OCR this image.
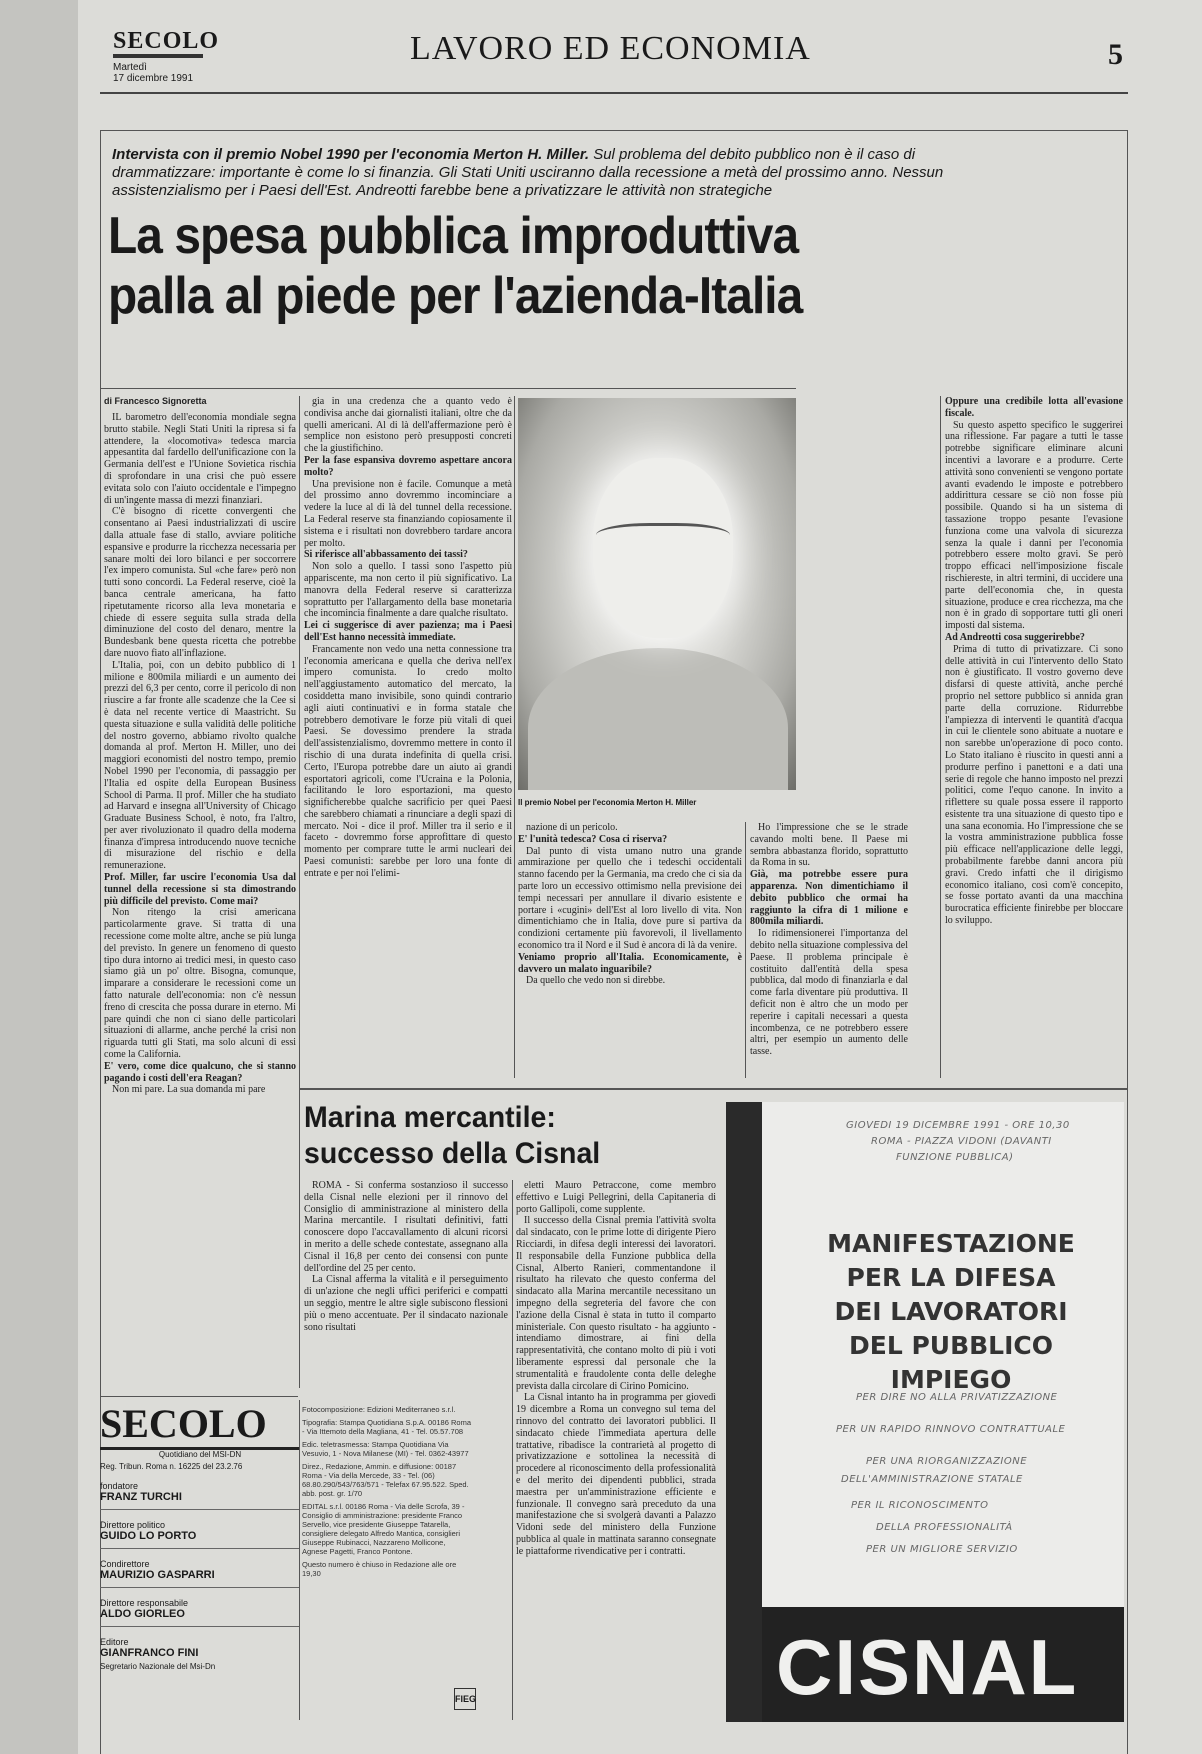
SECOLO
Martedì
17 dicembre 1991
LAVORO ED ECONOMIA	5
Intervista con il premio Nobel 1990 per l'economia Merton H. Miller. Sul problema del debito pubblico non è il caso di drammatizzare: importante è come lo si finanzia. Gli Stati Uniti usciranno dalla recessione a metà del prossimo anno. Nessun assistenzialismo per i Paesi dell'Est. Andreotti farebbe bene a privatizzare le attività non strategiche
La spesa pubblica improduttiva
palla al piede per l'azienda-Italia
di Francesco Signoretta

IL barometro dell'economia mondiale segna brutto stabile. Negli Stati Uniti la ripresa si fa attendere, la «locomotiva» tedesca marcia appesantita dal fardello dell'unificazione con la Germania dell'est e l'Unione Sovietica rischia di sprofondare in una crisi che può essere evitata solo con l'aiuto occidentale e l'impegno di un'ingente massa di mezzi finanziari.

C'è bisogno di ricette convergenti che consentano ai Paesi industrializzati di uscire dalla attuale fase di stallo, avviare politiche espansive e produrre la ricchezza necessaria per sanare molti dei loro bilanci e per soccorrere l'ex impero comunista. Sul «che fare» però non tutti sono concordi. La Federal reserve, cioè la banca centrale americana, ha fatto ripetutamente ricorso alla leva monetaria e chiede di essere seguita sulla strada della diminuzione del costo del denaro, mentre la Bundesbank bene questa ricetta che potrebbe dare nuovo fiato all'inflazione.

L'Italia, poi, con un debito pubblico di 1 milione e 800mila miliardi e un aumento dei prezzi del 6,3 per cento, corre il pericolo di non riuscire a far fronte alle scadenze che la Cee si è data nel recente vertice di Maastricht. Su questa situazione e sulla validità delle politiche del nostro governo, abbiamo rivolto qualche domanda al prof. Merton H. Miller, uno dei maggiori economisti del nostro tempo, premio Nobel 1990 per l'economia, di passaggio per l'Italia ed ospite della European Business School di Parma. Il prof. Miller che ha studiato ad Harvard e insegna all'University of Chicago Graduate Business School, è noto, fra l'altro, per aver rivoluzionato il quadro della moderna finanza d'impresa introducendo nuove tecniche di misurazione del rischio e della remunerazione.

Prof. Miller, far uscire l'economia Usa dal tunnel della recessione si sta dimostrando più difficile del previsto. Come mai?

Non ritengo la crisi americana particolarmente grave. Si tratta di una recessione come molte altre, anche se più lunga del previsto. In genere un fenomeno di questo tipo dura intorno ai tredici mesi, in questo caso siamo già un po' oltre. Bisogna, comunque, imparare a considerare le recessioni come un fatto naturale dell'economia: non c'è nessun freno di crescita che possa durare in eterno. Mi pare quindi che non ci siano delle particolari situazioni di allarme, anche perché la crisi non riguarda tutti gli Stati, ma solo alcuni di essi come la California.

E' vero, come dice qualcuno, che si stanno pagando i costi dell'era Reagan?

Non mi pare. La sua domanda mi pare

gia in una credenza che a quanto vedo è condivisa anche dai giornalisti italiani, oltre che da quelli americani. Al di là dell'affermazione però è semplice non esistono però presupposti concreti che la giustifichino.

Per la fase espansiva dovremo aspettare ancora molto?

Una previsione non è facile. Comunque a metà del prossimo anno dovremmo incominciare a vedere la luce al di là del tunnel della recessione. La Federal reserve sta finanziando copiosamente il sistema e i risultati non dovrebbero tardare ancora per molto.

Si riferisce all'abbassamento dei tassi?

Non solo a quello. I tassi sono l'aspetto più appariscente, ma non certo il più significativo. La manovra della Federal reserve si caratterizza soprattutto per l'allargamento della base monetaria che incomincia finalmente a dare qualche risultato.

Lei ci suggerisce di aver pazienza; ma i Paesi dell'Est hanno necessità immediate.

Francamente non vedo una netta connessione tra l'economia americana e quella che deriva nell'ex impero comunista. Io credo molto nell'aggiustamento automatico del mercato, la cosiddetta mano invisibile, sono quindi contrario agli aiuti continuativi e in forma statale che potrebbero demotivare le forze più vitali di quei Paesi. Se dovessimo prendere la strada dell'assistenzialismo, dovremmo mettere in conto il rischio di una durata indefinita di quella crisi. Certo, l'Europa potrebbe dare un aiuto ai grandi esportatori agricoli, come l'Ucraina e la Polonia, facilitando le loro esportazioni, ma questo significherebbe qualche sacrificio per quei Paesi che sarebbero chiamati a rinunciare a degli spazi di mercato. Noi - dice il prof. Miller tra il serio e il faceto - dovremmo forse approfittare di questo momento per comprare tutte le armi nucleari dei Paesi comunisti: sarebbe per loro una fonte di entrate e per noi l'elimi-

Il premio Nobel per l'economia Merton H. Miller

nazione di un pericolo.

E' l'unità tedesca? Cosa ci riserva?

Dal punto di vista umano nutro una grande ammirazione per quello che i tedeschi occidentali stanno facendo per la Germania, ma credo che ci sia da parte loro un eccessivo ottimismo nella previsione dei tempi necessari per annullare il divario esistente e portare i «cugini» dell'Est al loro livello di vita. Non dimentichiamo che in Italia, dove pure si partiva da condizioni certamente più favorevoli, il livellamento economico tra il Nord e il Sud è ancora di là da venire.

Veniamo proprio all'Italia. Economicamente, è davvero un malato inguaribile?

Da quello che vedo non si direbbe.

Ho l'impressione che se le strade cavando molti bene. Il Paese mi sembra abbastanza florido, soprattutto da Roma in su.

Già, ma potrebbe essere pura apparenza. Non dimentichiamo il debito pubblico che ormai ha raggiunto la cifra di 1 milione e 800mila miliardi.

Io ridimensionerei l'importanza del debito nella situazione complessiva del Paese. Il problema principale è costituito dall'entità della spesa pubblica, dal modo di finanziarla e dal come farla diventare più produttiva. Il deficit non è altro che un modo per reperire i capitali necessari a questa incombenza, ce ne potrebbero essere altri, per esempio un aumento delle tasse.

Oppure una credibile lotta all'evasione fiscale.

Su questo aspetto specifico le suggerirei una riflessione. Far pagare a tutti le tasse potrebbe significare eliminare alcuni incentivi a lavorare e a produrre. Certe attività sono convenienti se vengono portate avanti evadendo le imposte e potrebbero addirittura cessare se ciò non fosse più possibile. Quando si ha un sistema di tassazione troppo pesante l'evasione funziona come una valvola di sicurezza senza la quale i danni per l'economia potrebbero essere molto gravi. Se però troppo efficaci nell'imposizione fiscale rischiereste, in altri termini, di uccidere una parte dell'economia che, in questa situazione, produce e crea ricchezza, ma che non è in grado di sopportare tutti gli oneri imposti dal sistema.

Ad Andreotti cosa suggerirebbe?

Prima di tutto di privatizzare. Ci sono delle attività in cui l'intervento dello Stato non è giustificato. Il vostro governo deve disfarsi di queste attività, anche perché proprio nel settore pubblico si annida gran parte della corruzione. Ridurrebbe l'ampiezza di interventi le quantità d'acqua in cui le clientele sono abituate a nuotare e non sarebbe un'operazione di poco conto. Lo Stato italiano è riuscito in questi anni a produrre perfino i panettoni e a dati una serie di regole che hanno imposto nel prezzi politici, come l'equo canone. In invito a riflettere su quale possa essere il rapporto esistente tra una situazione di questo tipo e una sana economia. Ho l'impressione che se la vostra amministrazione pubblica fosse più efficace nell'applicazione delle leggi, probabilmente farebbe danni ancora più gravi. Credo infatti che il dirigismo economico italiano, così com'è concepito, se fosse portato avanti da una macchina burocratica efficiente finirebbe per bloccare lo sviluppo.

Marina mercantile:
successo della Cisnal

ROMA - Si conferma sostanzioso il successo della Cisnal nelle elezioni per il rinnovo del Consiglio di amministrazione al ministero della Marina mercantile. I risultati definitivi, fatti conoscere dopo l'accavallamento di alcuni ricorsi in merito a delle schede contestate, assegnano alla Cisnal il 16,8 per cento dei consensi con punte dell'ordine del 25 per cento.

La Cisnal afferma la vitalità e il perseguimento di un'azione che negli uffici periferici e compatti un seggio, mentre le altre sigle subiscono flessioni più o meno accentuate. Per il sindacato nazionale sono risultati

eletti Mauro Petraccone, come membro effettivo e Luigi Pellegrini, della Capitaneria di porto Gallipoli, come supplente.

Il successo della Cisnal premia l'attività svolta dal sindacato, con le prime lotte di dirigente Piero Ricciardi, in difesa degli interessi dei lavoratori. Il responsabile della Funzione pubblica della Cisnal, Alberto Ranieri, commentandone il risultato ha rilevato che questo conferma del sindacato alla Marina mercantile necessitano un impegno della segreteria del favore che con l'azione della Cisnal è stata in tutto il comparto ministeriale. Con questo risultato - ha aggiunto - intendiamo dimostrare, ai fini della rappresentatività, che contano molto di più i voti liberamente espressi dal personale che la strumentalità e fraudolente conta delle deleghe prevista dalla circolare di Cirino Pomicino.

La Cisnal intanto ha in programma per giovedì 19 dicembre a Roma un convegno sul tema del rinnovo del contratto dei lavoratori pubblici. Il sindacato chiede l'immediata apertura delle trattative, ribadisce la contrarietà al progetto di privatizzazione e sottolinea la necessità di procedere al riconoscimento della professionalità e del merito dei dipendenti pubblici, strada maestra per un'amministrazione efficiente e funzionale. Il convegno sarà preceduto da una manifestazione che si svolgerà davanti a Palazzo Vidoni sede del ministero della Funzione pubblica al quale in mattinata saranno consegnate le piattaforme rivendicative per i contratti.

GIOVEDI 19 DICEMBRE 1991 - ORE 10,30
ROMA - PIAZZA VIDONI (DAVANTI
FUNZIONE PUBBLICA)
MANIFESTAZIONE
PER LA DIFESA
DEI LAVORATORI
DEL PUBBLICO IMPIEGO
PER DIRE NO ALLA PRIVATIZZAZIONE
PER UN RAPIDO RINNOVO CONTRATTUALE
PER UNA RIORGANIZZAZIONE
DELL'AMMINISTRAZIONE STATALE
PER IL RICONOSCIMENTO
DELLA PROFESSIONALITÀ
PER UN MIGLIORE SERVIZIO
CISNAL
SECOLO
Quotidiano del MSI-DN
Reg. Tribun. Roma n. 16225 del 23.2.76
fondatore
FRANZ TURCHI
Direttore politico
GUIDO LO PORTO
Condirettore
MAURIZIO GASPARRI
Direttore responsabile
ALDO GIORLEO
Editore
GIANFRANCO FINI
Segretario Nazionale del Msi-Dn
Fotocomposizione: Edizioni Mediterraneo s.r.l.
Tipografia: Stampa Quotidiana S.p.A. 00186 Roma - Via Ittemoto della Magliana, 41 - Tel. 05.57.708
Edic. teletrasmessa: Stampa Quotidiana Via Vesuvio, 1 - Nova Milanese (MI) - Tel. 0362-43977
Direz., Redazione, Ammin. e diffusione: 00187 Roma - Via della Mercede, 33 - Tel. (06) 68.80.290/543/763/571 - Telefax 67.95.522. Sped. abb. post. gr. 1/70
EDITAL s.r.l. 00186 Roma - Via delle Scrofa, 39 - Consiglio di amministrazione: presidente Franco Servello, vice presidente Giuseppe Tatarella, consigliere delegato Alfredo Mantica, consiglieri Giuseppe Rubinacci, Nazzareno Mollicone, Agnese Pagetti, Franco Pontone.
Questo numero è chiuso in Redazione alle ore 19,30
FIEG
